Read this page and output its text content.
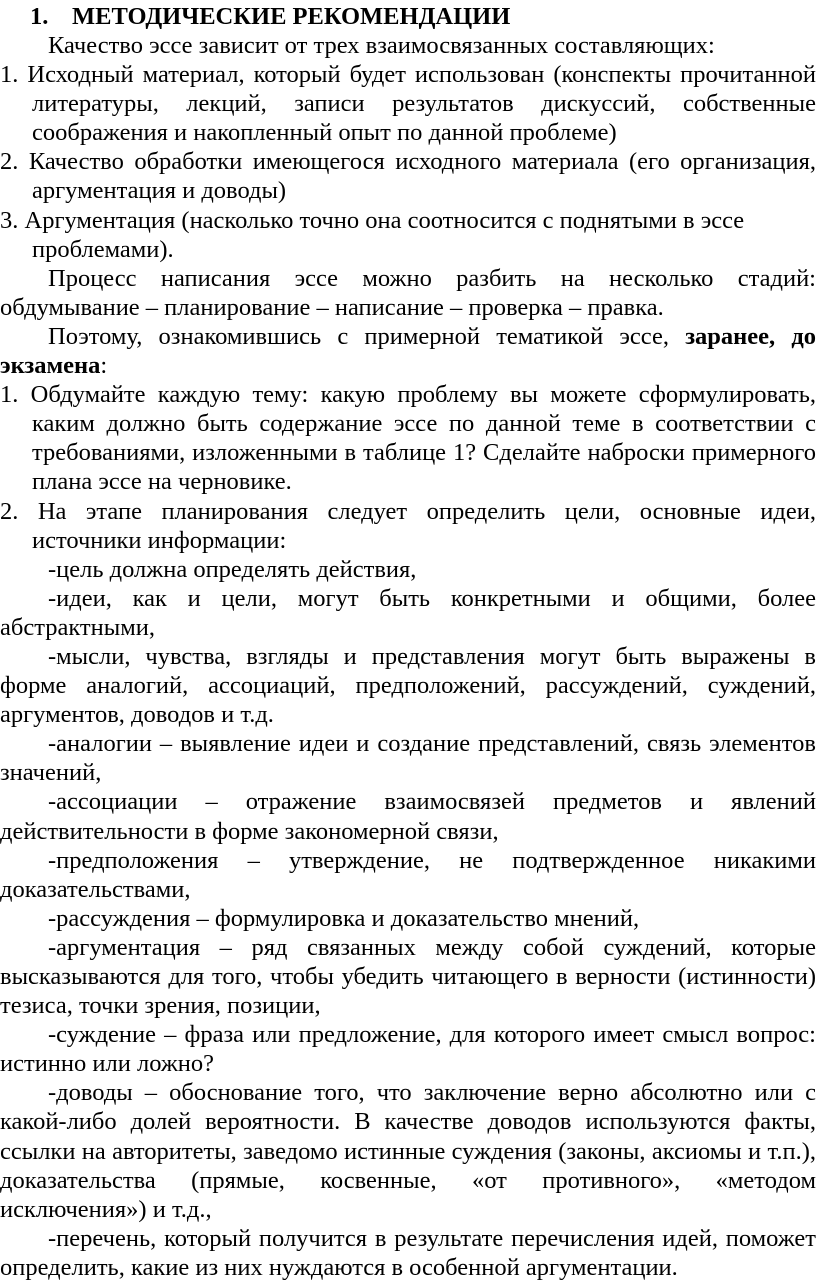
1. МЕТОДИЧЕСКИЕ РЕКОМЕНДАЦИИ

Качество эссе зависит от трех взаимосвязанных составляющих:

1. Исходный материал, который будет использован (конспекты прочитанной литературы, лекций, записи результатов дискуссий, собственные соображения и накопленный опыт по данной проблеме)

2. Качество обработки имеющегося исходного материала (его организация, аргументация и доводы)

3. Аргументация (насколько точно она соотносится с поднятыми в эссе проблемами).

Процесс написания эссе можно разбить на несколько стадий: обдумывание – планирование – написание – проверка – правка.

Поэтому, ознакомившись с примерной тематикой эссе, заранее, до экзамена:

1. Обдумайте каждую тему: какую проблему вы можете сформулировать, каким должно быть содержание эссе по данной теме в соответствии с требованиями, изложенными в таблице 1? Сделайте наброски примерного плана эссе на черновике.

2. На этапе планирования следует определить цели, основные идеи, источники информации:

-цель должна определять действия,

-идеи, как и цели, могут быть конкретными и общими, более абстрактными,

-мысли, чувства, взгляды и представления могут быть выражены в форме аналогий, ассоциаций, предположений, рассуждений, суждений, аргументов, доводов и т.д.

-аналогии – выявление идеи и создание представлений, связь элементов значений,

-ассоциации – отражение взаимосвязей предметов и явлений действительности в форме закономерной связи,

-предположения – утверждение, не подтвержденное никакими доказательствами,

-рассуждения – формулировка и доказательство мнений,

-аргументация – ряд связанных между собой суждений, которые высказываются для того, чтобы убедить читающего в верности (истинности) тезиса, точки зрения, позиции,

-суждение – фраза или предложение, для которого имеет смысл вопрос: истинно или ложно?

-доводы – обоснование того, что заключение верно абсолютно или с какой-либо долей вероятности. В качестве доводов используются факты, ссылки на авторитеты, заведомо истинные суждения (законы, аксиомы и т.п.), доказательства (прямые, косвенные, «от противного», «методом исключения») и т.д.,

-перечень, который получится в результате перечисления идей, поможет определить, какие из них нуждаются в особенной аргументации.
